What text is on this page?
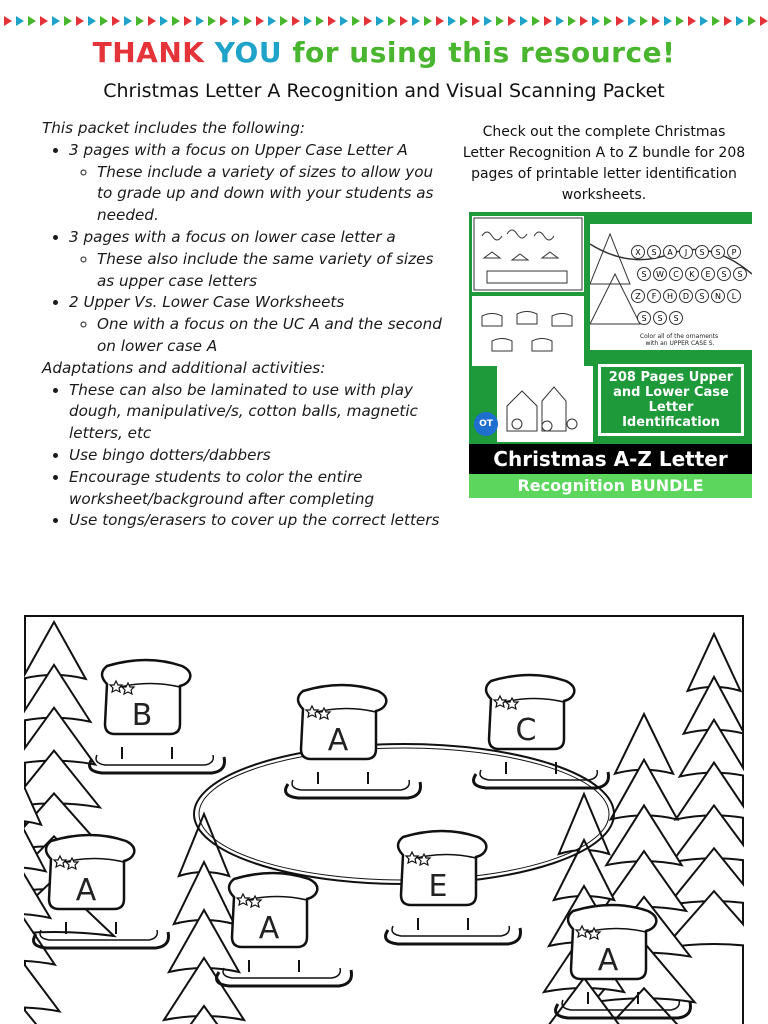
THANK YOU for using this resource!
Christmas Letter A Recognition and Visual Scanning Packet

This packet includes the following:

• 3 pages with a focus on Upper Case Letter A
◦ These include a variety of sizes to allow you to grade up and down with your students as needed.
• 3 pages with a focus on lower case letter a
◦ These also include the same variety of sizes as upper case letters
• 2 Upper Vs. Lower Case Worksheets
◦ One with a focus on the UC A and the second on lower case A

Adaptations and additional activities:

• These can also be laminated to use with play dough, manipulative/s, cotton balls, magnetic letters, etc
• Use bingo dotters/dabbers
• Encourage students to color the entire worksheet/background after completing
• Use tongs/erasers to cover up the correct letters
Check out the complete Christmas Letter Recognition A to Z bundle for 208 pages of printable letter identification worksheets.
Color all of the ornaments with an UPPER CASE S.
X S A J S S P
S W C K E S S
Z F H D S N L
S S S
208 Pages Upper and Lower Case Letter Identification
OT
Christmas A-Z Letter
Recognition BUNDLE
B
A	C
A	E
A
A
